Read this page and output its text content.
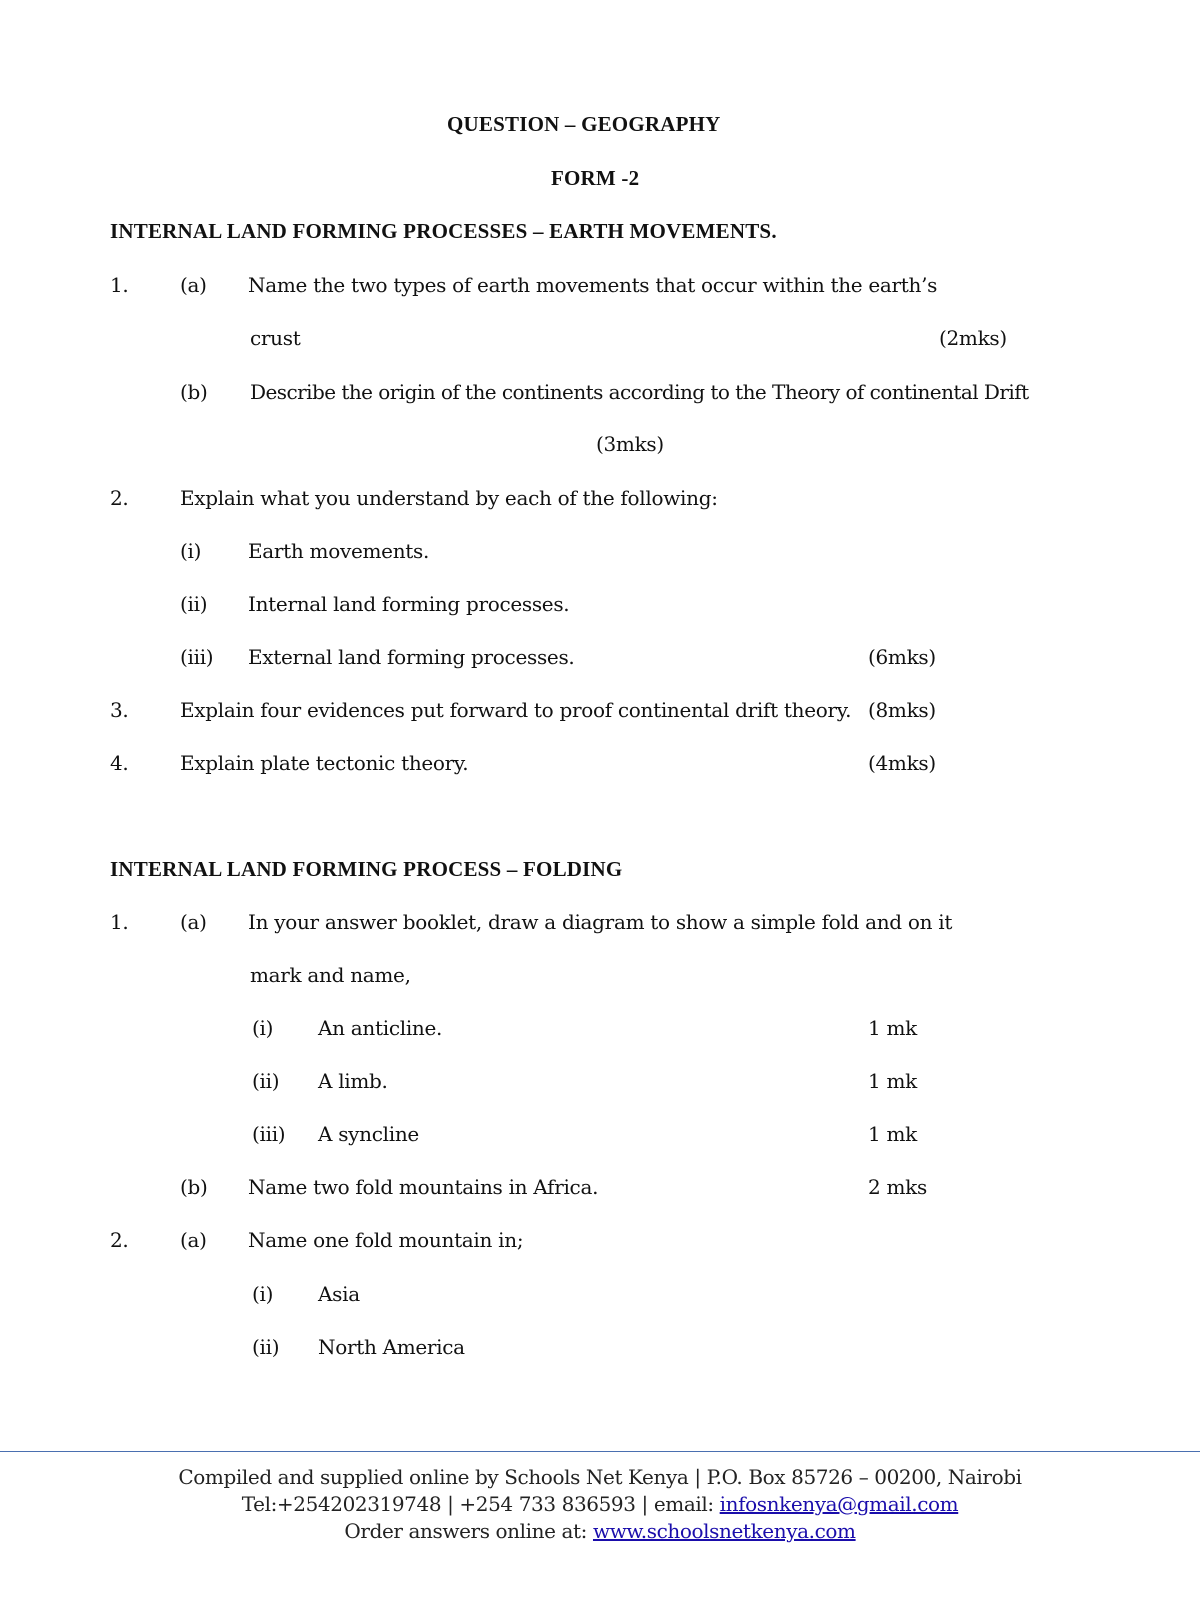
QUESTION – GEOGRAPHY
FORM -2
INTERNAL LAND FORMING PROCESSES – EARTH MOVEMENTS.
1.	(a) Name the two types of earth movements that occur within the earth’s
crust	(2mks)
(b) Describe the origin of the continents according to the Theory of continental Drift
(3mks)
2.	Explain what you understand by each of the following:
(i) Earth movements.
(ii) Internal land forming processes.
(iii) External land forming processes.	(6mks)
3.	Explain four evidences put forward to proof continental drift theory. (8mks)
4.	Explain plate tectonic theory.	(4mks)
INTERNAL LAND FORMING PROCESS – FOLDING
1.	(a) In your answer booklet, draw a diagram to show a simple fold and on it
mark and name,
(i) An anticline.	1 mk
(ii) A limb.	1 mk
(iii) A syncline	1 mk
(b) Name two fold mountains in Africa.	2 mks
2.	(a) Name one fold mountain in;
(i) Asia
(ii) North America
Compiled and supplied online by Schools Net Kenya | P.O. Box 85726 – 00200, Nairobi
Tel:+254202319748 | +254 733 836593 | email: infosnkenya@gmail.com
Order answers online at: www.schoolsnetkenya.com
